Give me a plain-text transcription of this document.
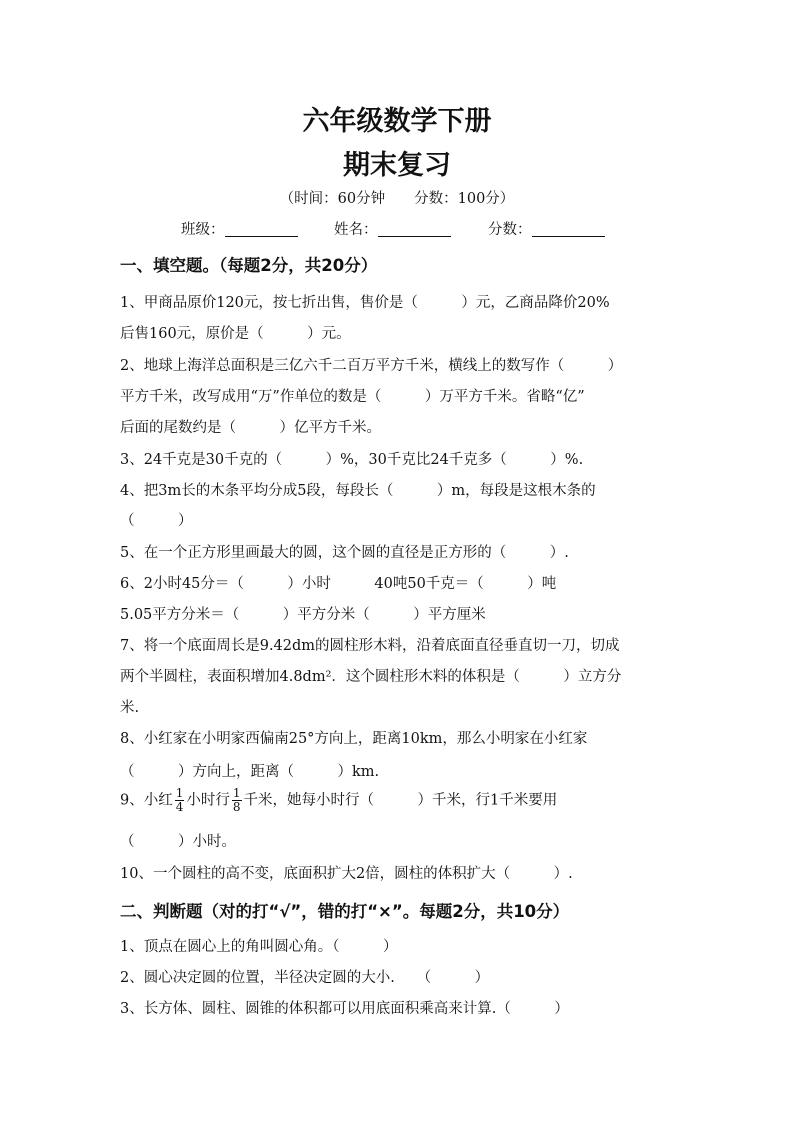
六年级数学下册
期末复习
（时间：60分钟　　分数：100分）
班级：	姓名：	分数：
一、填空题。（每题2分，共20分）
1、甲商品原价120元，按七折出售，售价是（　　　）元，乙商品降价20%
后售160元，原价是（　　　）元。
2、地球上海洋总面积是三亿六千二百万平方千米，横线上的数写作（　　　）
平方千米，改写成用“万”作单位的数是（　　　）万平方千米。省略“亿”
后面的尾数约是（　　　）亿平方千米。
3、24千克是30千克的（　　　）%，30千克比24千克多（　　　）%.
4、把3m长的木条平均分成5段，每段长（　　　）m，每段是这根木条的
（　　　）
5、在一个正方形里画最大的圆，这个圆的直径是正方形的（　　　）.
6、2小时45分＝（　　　）小时　　　40吨50千克＝（　　　）吨
5.05平方分米＝（　　　）平方分米（　　　）平方厘米
7、将一个底面周长是9.42dm的圆柱形木料，沿着底面直径垂直切一刀，切成
两个半圆柱，表面积增加4.8dm²．这个圆柱形木料的体积是（　　　）立方分
米.
8、小红家在小明家西偏南25°方向上，距离10km，那么小明家在小红家
（　　　）方向上，距离（　　　）km.
9、小红 $\frac{1}{4}$ 小时行 $\frac{1}{8}$ 千米，她每小时行（　　　）千米，行1千米要用
（　　　）小时。
10、一个圆柱的高不变，底面积扩大2倍，圆柱的体积扩大（　　　）.
二、判断题（对的打“√”，错的打“×”。每题2分，共10分）
1、顶点在圆心上的角叫圆心角。（　　　）
2、圆心决定圆的位置，半径决定圆的大小.　　（　　　）
3、长方体、圆柱、圆锥的体积都可以用底面积乘高来计算.（　　　）
